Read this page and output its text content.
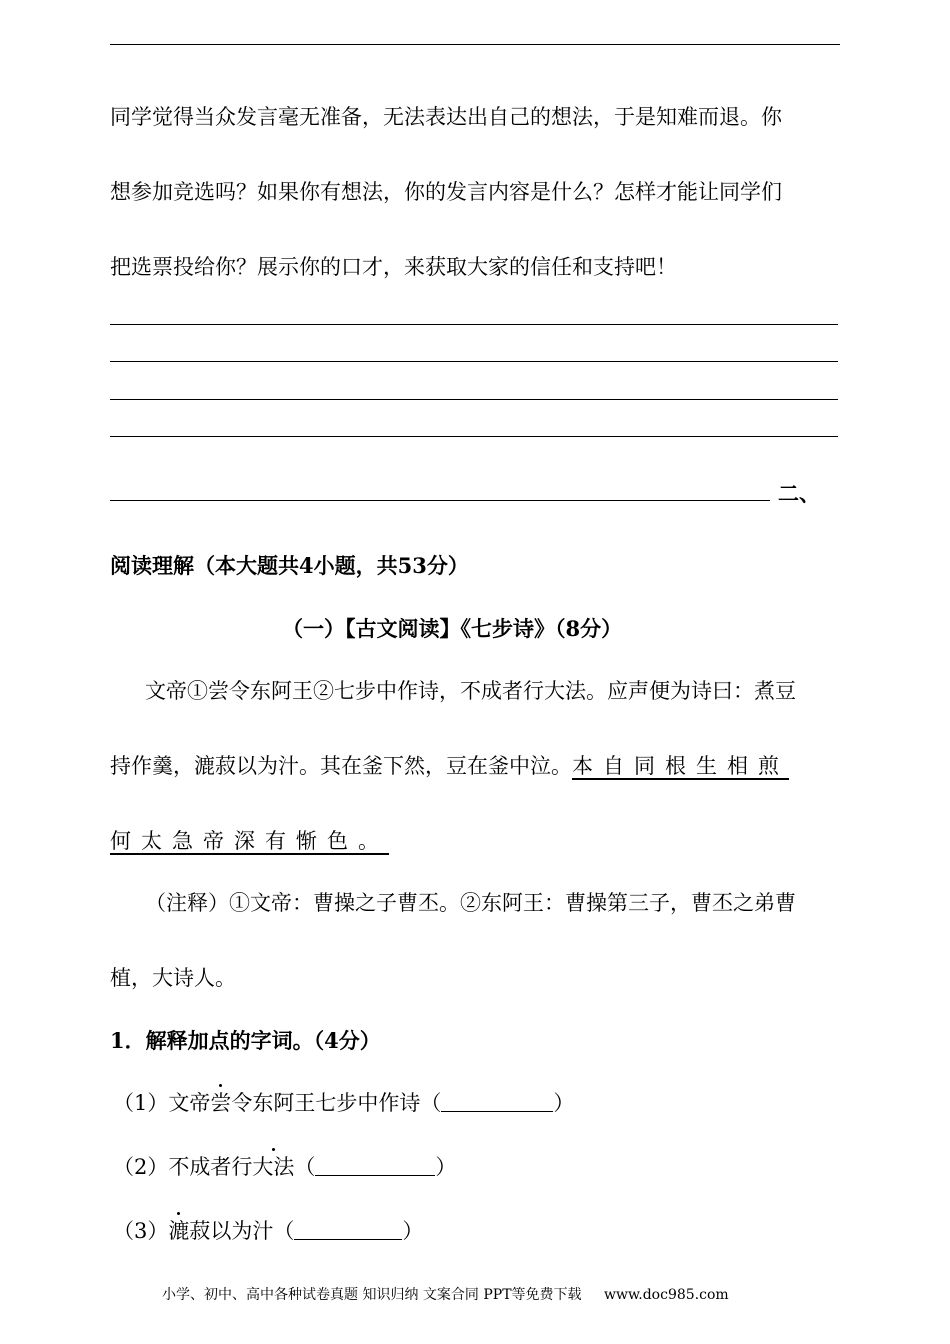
同学觉得当众发言毫无准备，无法表达出自己的想法，于是知难而退。你
想参加竞选吗？如果你有想法，你的发言内容是什么？怎样才能让同学们
把选票投给你？展示你的口才，来获取大家的信任和支持吧！
二、
阅读理解（本大题共4小题，共53分）
（一）【古文阅读】《七步诗》（8分）
文帝①尝令东阿王②七步中作诗，不成者行大法。应声便为诗曰：煮豆
持作羹，漉菽以为汁。其在釜下然，豆在釜中泣。本自同根生相煎
何太急帝深有惭色。
（注释）①文帝：曹操之子曹丕。②东阿王：曹操第三子，曹丕之弟曹
植，大诗人。
1．解释加点的字词。（4分）
（1）文帝尝令东阿王七步中作诗（	）
（2）不成者行大法（	）
（3）漉菽以为汁（	）
小学、初中、高中各种试卷真题 知识归纳 文案合同 PPT等免费下载 www.doc985.com
